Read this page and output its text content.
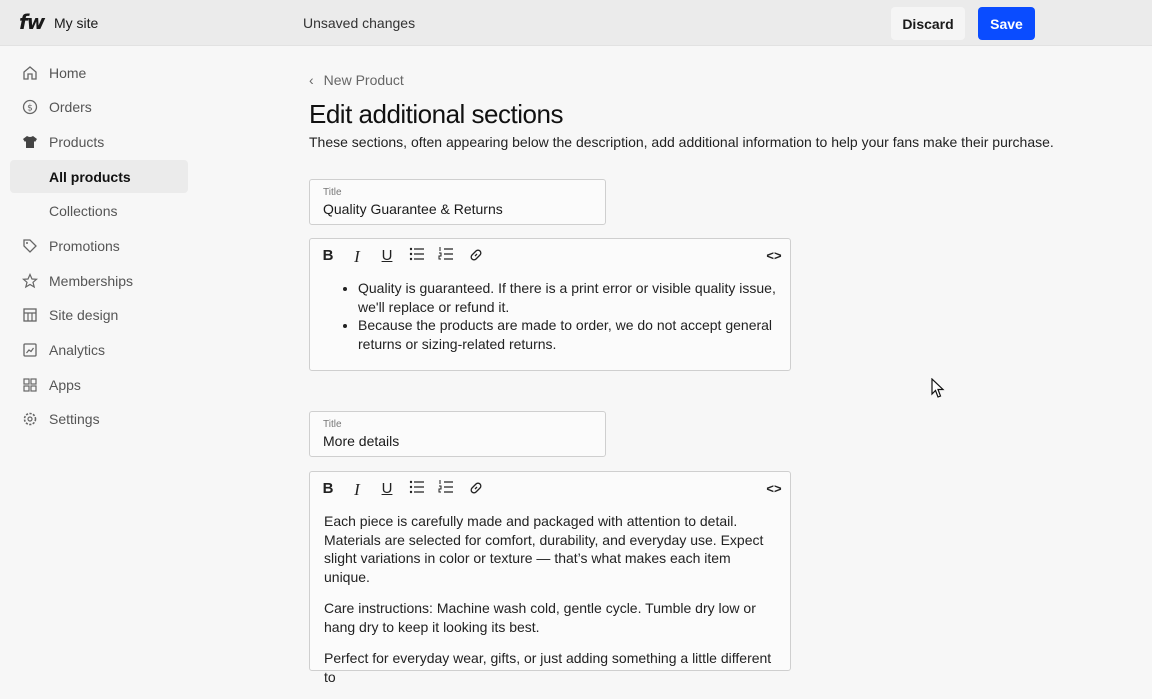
fw My site	Unsaved changes	Discard	Save
Home
$ Orders
Products
All products
Collections
Promotions
Memberships
Site design
Analytics
Apps
Settings
‹ New Product
Edit additional sections
These sections, often appearing below the description, add additional information to help your fans make their purchase.
Title
Quality Guarantee & Returns
B	I	U	<>
• Quality is guaranteed. If there is a print error or visible quality issue, we'll replace or refund it.
• Because the products are made to order, we do not accept general returns or sizing-related returns.
Title
More details
B	I	U	<>

Each piece is carefully made and packaged with attention to detail. Materials are selected for comfort, durability, and everyday use. Expect slight variations in color or texture — that’s what makes each item unique.

Care instructions: Machine wash cold, gentle cycle. Tumble dry low or hang dry to keep it looking its best.

Perfect for everyday wear, gifts, or just adding something a little different to
